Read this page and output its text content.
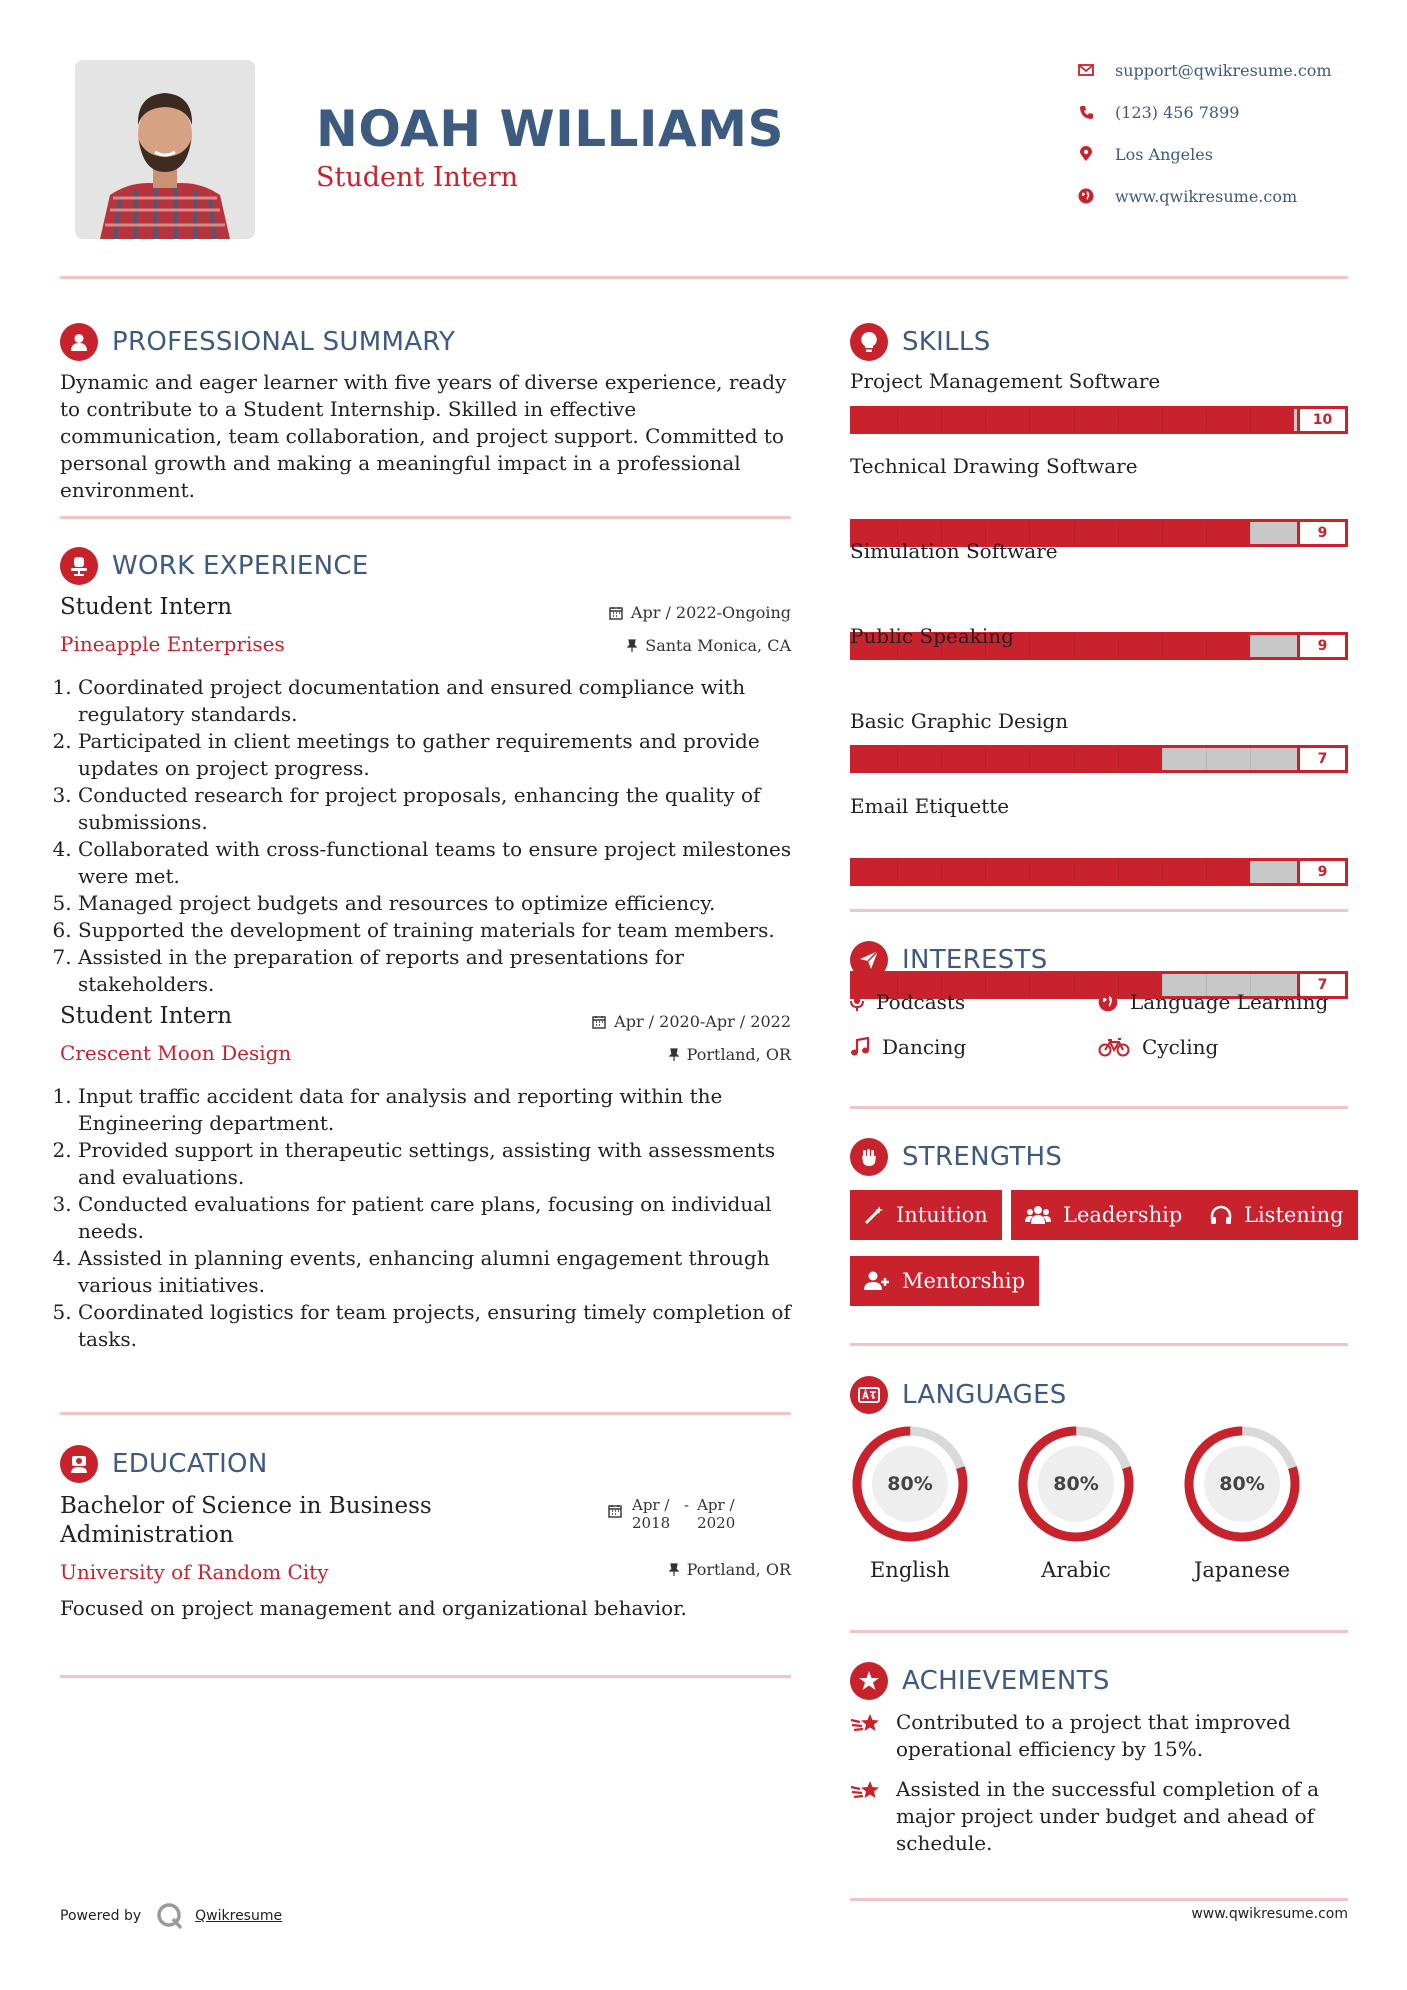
NOAH WILLIAMS
Student Intern
support@qwikresume.com
(123) 456 7899
Los Angeles
www.qwikresume.com
PROFESSIONAL SUMMARY
Dynamic and eager learner with five years of diverse experience, ready to contribute to a Student Internship. Skilled in effective communication, team collaboration, and project support. Committed to personal growth and making a meaningful impact in a professional environment.
WORK EXPERIENCE
Student Intern
Pineapple Enterprises
Apr / 2022-Ongoing
Santa Monica, CA
1. Coordinated project documentation and ensured compliance with regulatory standards.
2. Participated in client meetings to gather requirements and provide updates on project progress.
3. Conducted research for project proposals, enhancing the quality of submissions.
4. Collaborated with cross-functional teams to ensure project milestones were met.
5. Managed project budgets and resources to optimize efficiency.
6. Supported the development of training materials for team members.
7. Assisted in the preparation of reports and presentations for stakeholders.
Student Intern
Crescent Moon Design
Apr / 2020-Apr / 2022
Portland, OR
1. Input traffic accident data for analysis and reporting within the Engineering department.
2. Provided support in therapeutic settings, assisting with assessments and evaluations.
3. Conducted evaluations for patient care plans, focusing on individual needs.
4. Assisted in planning events, enhancing alumni engagement through various initiatives.
5. Coordinated logistics for team projects, ensuring timely completion of tasks.
EDUCATION
Bachelor of Science in Business Administration
University of Random City
Apr / 2018
- Apr / 2020
Portland, OR
Focused on project management and organizational behavior.
SKILLS
Project Management Software
10
Technical Drawing Software
9
Simulation Software
9
Public Speaking
7
Basic Graphic Design
9
Email Etiquette
7
INTERESTS
Podcasts	Language Learning
Dancing	Cycling
STRENGTHS
Intuition	Leadership	Listening
Mentorship
LANGUAGES
80%
English
80%
Arabic
80%
Japanese
ACHIEVEMENTS
Contributed to a project that improved operational efficiency by 15%.
Assisted in the successful completion of a major project under budget and ahead of schedule.
Powered by	Qwikresume	www.qwikresume.com
